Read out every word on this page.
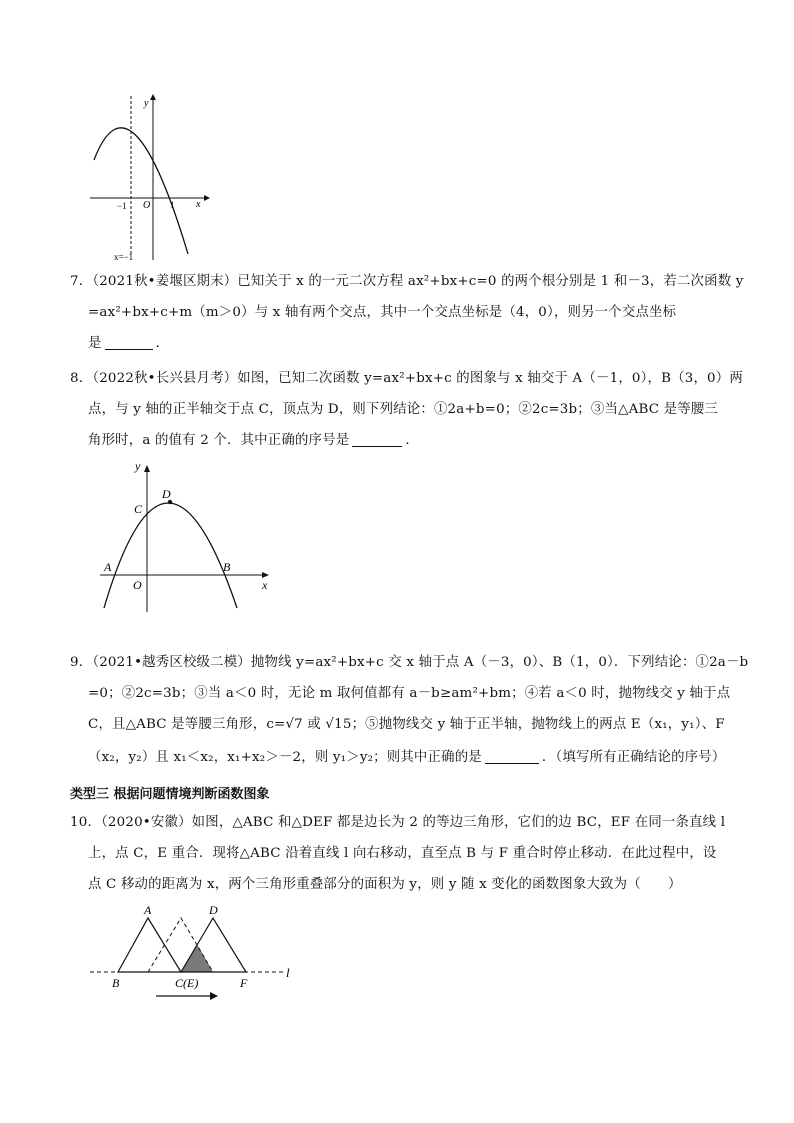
y
x
O
−1	1
x=−1
7．（2021秋•姜堰区期末）已知关于 x 的一元二次方程 ax²+bx+c=0 的两个根分别是 1 和－3，若二次函数 y
=ax²+bx+c+m（m＞0）与 x 轴有两个交点，其中一个交点坐标是（4，0），则另一个交点坐标
是	．
8．（2022秋•长兴县月考）如图，已知二次函数 y=ax²+bx+c 的图象与 x 轴交于 A（－1，0），B（3，0）两
点，与 y 轴的正半轴交于点 C，顶点为 D，则下列结论：①2a+b=0；②2c=3b；③当△ABC 是等腰三
角形时，a 的值有 2 个．其中正确的序号是	．
y
x
O
A	B
C
D
9．（2021•越秀区校级二模）抛物线 y=ax²+bx+c 交 x 轴于点 A（－3，0）、B（1，0）．下列结论：①2a－b
=0；②2c=3b；③当 a＜0 时，无论 m 取何值都有 a－b≥am²+bm；④若 a＜0 时，抛物线交 y 轴于点
C，且△ABC 是等腰三角形，c=√7 或 √15；⑤抛物线交 y 轴于正半轴，抛物线上的两点 E（x₁，y₁）、F
（x₂，y₂）且 x₁＜x₂，x₁+x₂＞－2，则 y₁＞y₂；则其中正确的是	．（填写所有正确结论的序号）
类型三 根据问题情境判断函数图象
10．（2020•安徽）如图，△ABC 和△DEF 都是边长为 2 的等边三角形，它们的边 BC，EF 在同一条直线 l
上，点 C，E 重合．现将△ABC 沿着直线 l 向右移动，直至点 B 与 F 重合时停止移动．在此过程中，设
点 C 移动的距离为 x，两个三角形重叠部分的面积为 y，则 y 随 x 变化的函数图象大致为（　　）
A	D
B	C(E)	F
l
